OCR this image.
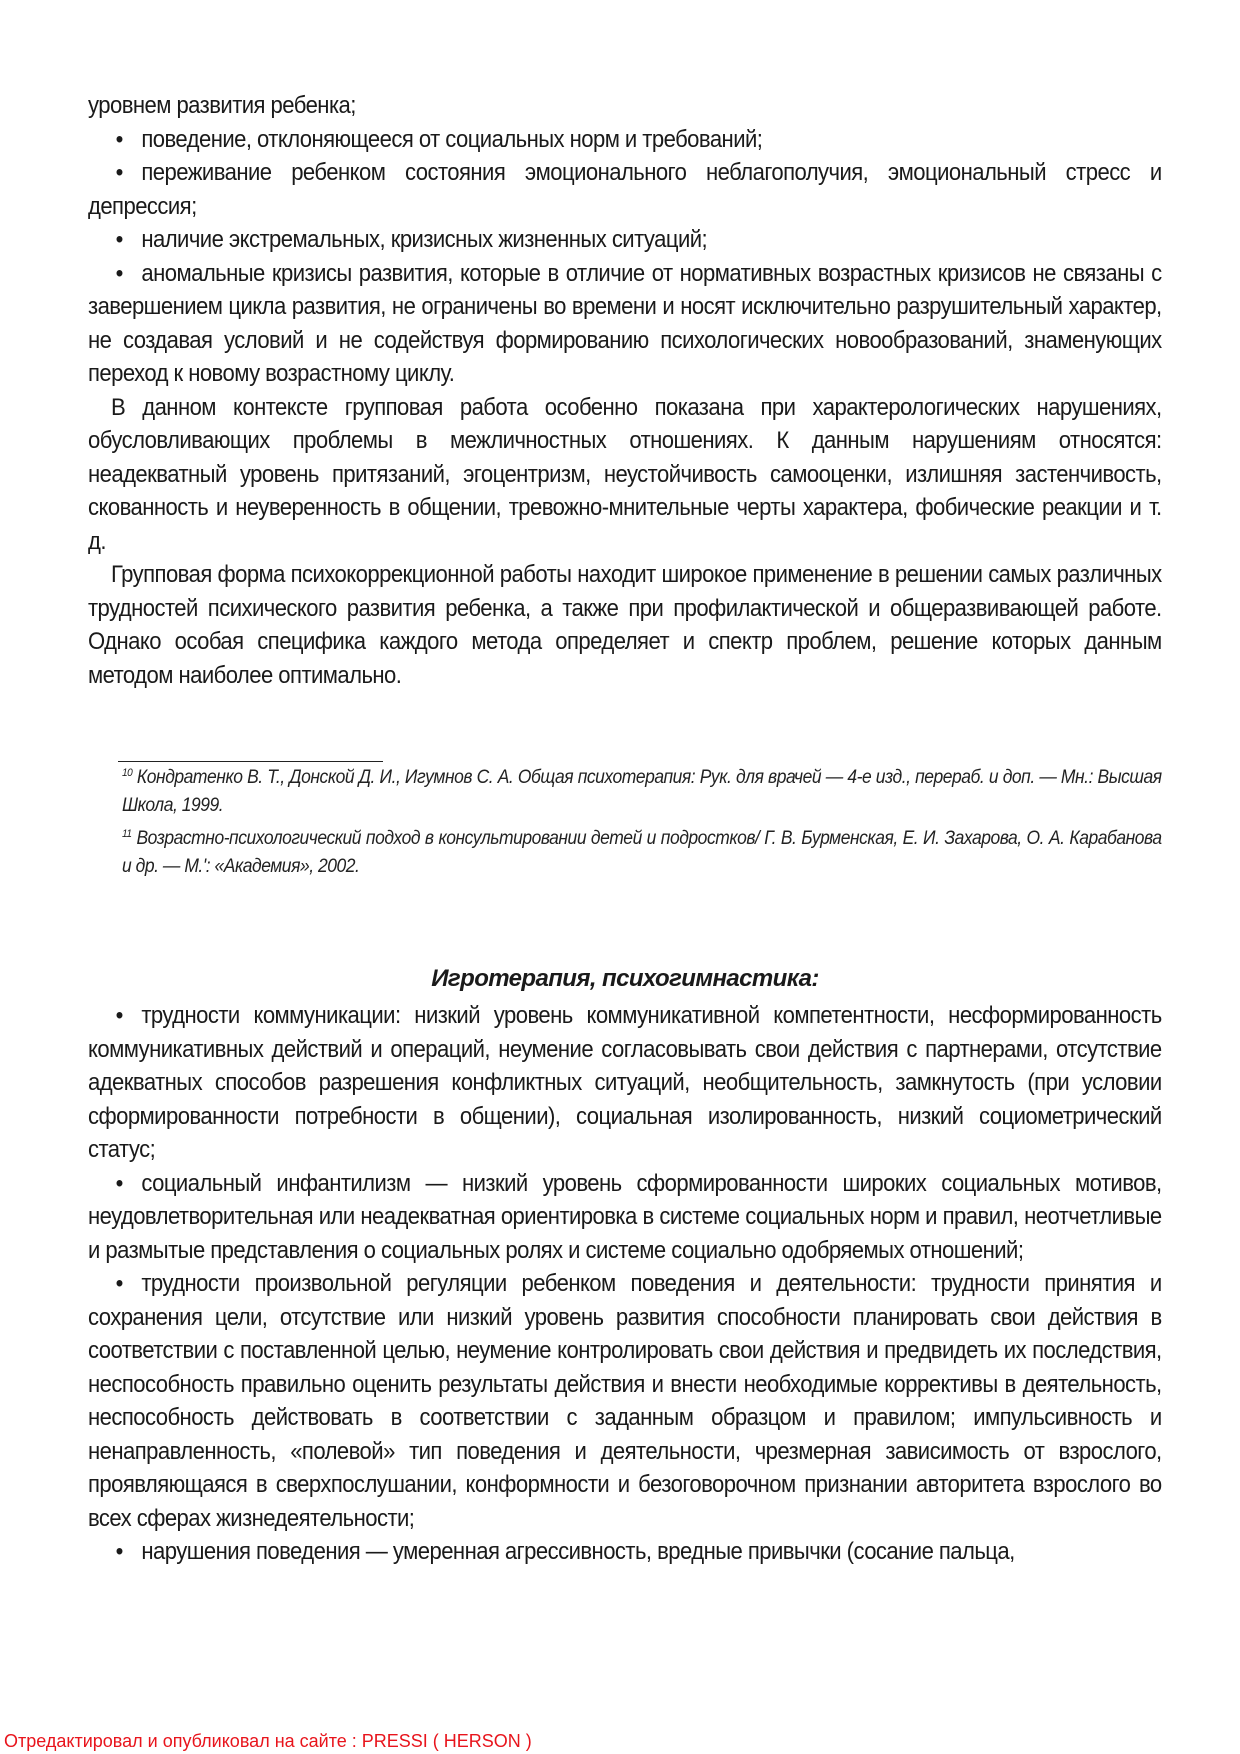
уровнем развития ребенка;

• поведение, отклоняющееся от социальных норм и требований;

• переживание ребенком состояния эмоционального неблагополучия, эмоциональный стресс и депрессия;

• наличие экстремальных, кризисных жизненных ситуаций;

• аномальные кризисы развития, которые в отличие от нормативных возрастных кризисов не связаны с завершением цикла развития, не ограничены во времени и носят исключительно разрушительный характер, не создавая условий и не содействуя формированию психологических новообразований, знаменующих переход к новому возрастному циклу.

В данном контексте групповая работа особенно показана при характерологических нарушениях, обусловливающих проблемы в межличностных отношениях. К данным нарушениям относятся: неадекватный уровень притязаний, эгоцентризм, неустойчивость самооценки, излишняя застенчивость, скованность и неуверенность в общении, тревожно-мнительные черты характера, фобические реакции и т. д.

Групповая форма психокоррекционной работы находит широкое применение в решении самых различных трудностей психического развития ребенка, а также при профилактической и общеразвивающей работе. Однако особая специфика каждого метода определяет и спектр проблем, решение которых данным методом наиболее оптимально.

$^{10}$ Кондратенко В. Т., Донской Д. И., Игумнов С. А. Общая психотерапия: Рук. для врачей — 4-е изд., перераб. и доп. — Мн.: Высшая Школа, 1999.

$^{11}$ Возрастно-психологический подход в консультировании детей и подростков/ Г. В. Бурменская, Е. И. Захарова, О. А. Карабанова и др. — М.': «Академия», 2002.

Игротерапия, психогимнастика:

• трудности коммуникации: низкий уровень коммуникативной компетентности, несформированность коммуникативных действий и операций, неумение согласовывать свои действия с партнерами, отсутствие адекватных способов разрешения конфликтных ситуаций, необщительность, замкнутость (при условии сформированности потребности в общении), социальная изолированность, низкий социометрический статус;

• социальный инфантилизм — низкий уровень сформированности широких социальных мотивов, неудовлетворительная или неадекватная ориентировка в системе социальных норм и правил, неотчетливые и размытые представления о социальных ролях и системе социально одобряемых отношений;

• трудности произвольной регуляции ребенком поведения и деятельности: трудности принятия и сохранения цели, отсутствие или низкий уровень развития способности планировать свои действия в соответствии с поставленной целью, неумение контролировать свои действия и предвидеть их последствия, неспособность правильно оценить результаты действия и внести необходимые коррективы в деятельность, неспособность действовать в соответствии с заданным образцом и правилом; импульсивность и ненаправленность, «полевой» тип поведения и деятельности, чрезмерная зависимость от взрослого, проявляющаяся в сверхпослушании, конформности и безоговорочном признании авторитета взрослого во всех сферах жизнедеятельности;

• нарушения поведения — умеренная агрессивность, вредные привычки (сосание пальца,

Отредактировал и опубликовал на сайте : PRESSI ( HERSON )
